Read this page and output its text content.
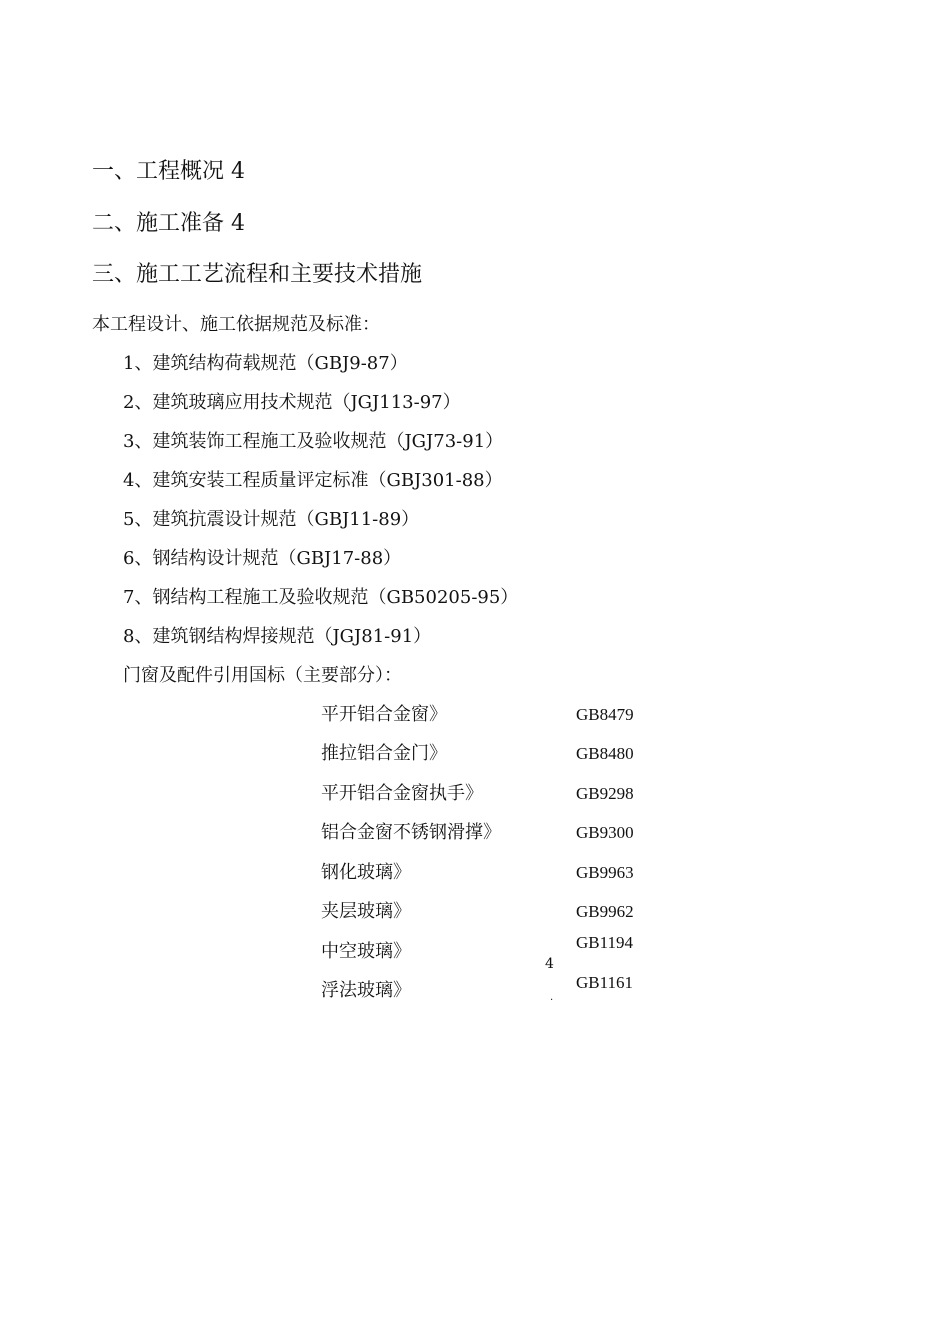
一、工程概况 4
二、施工准备 4
三、施工工艺流程和主要技术措施
本工程设计、施工依据规范及标准：
1、建筑结构荷载规范（GBJ9-87）
2、建筑玻璃应用技术规范（JGJ113-97）
3、建筑装饰工程施工及验收规范（JGJ73-91）
4、建筑安装工程质量评定标准（GBJ301-88）
5、建筑抗震设计规范（GBJ11-89）
6、钢结构设计规范（GBJ17-88）
7、钢结构工程施工及验收规范（GB50205-95）
8、建筑钢结构焊接规范（JGJ81-91）
门窗及配件引用国标（主要部分）：
平开铝合金窗》	GB8479
推拉铝合金门》	GB8480
平开铝合金窗执手》	GB9298
铝合金窗不锈钢滑撑》	GB9300
钢化玻璃》	GB9963
夹层玻璃》	GB9962
中空玻璃》	GB1194
浮法玻璃》	GB1161
4
.
